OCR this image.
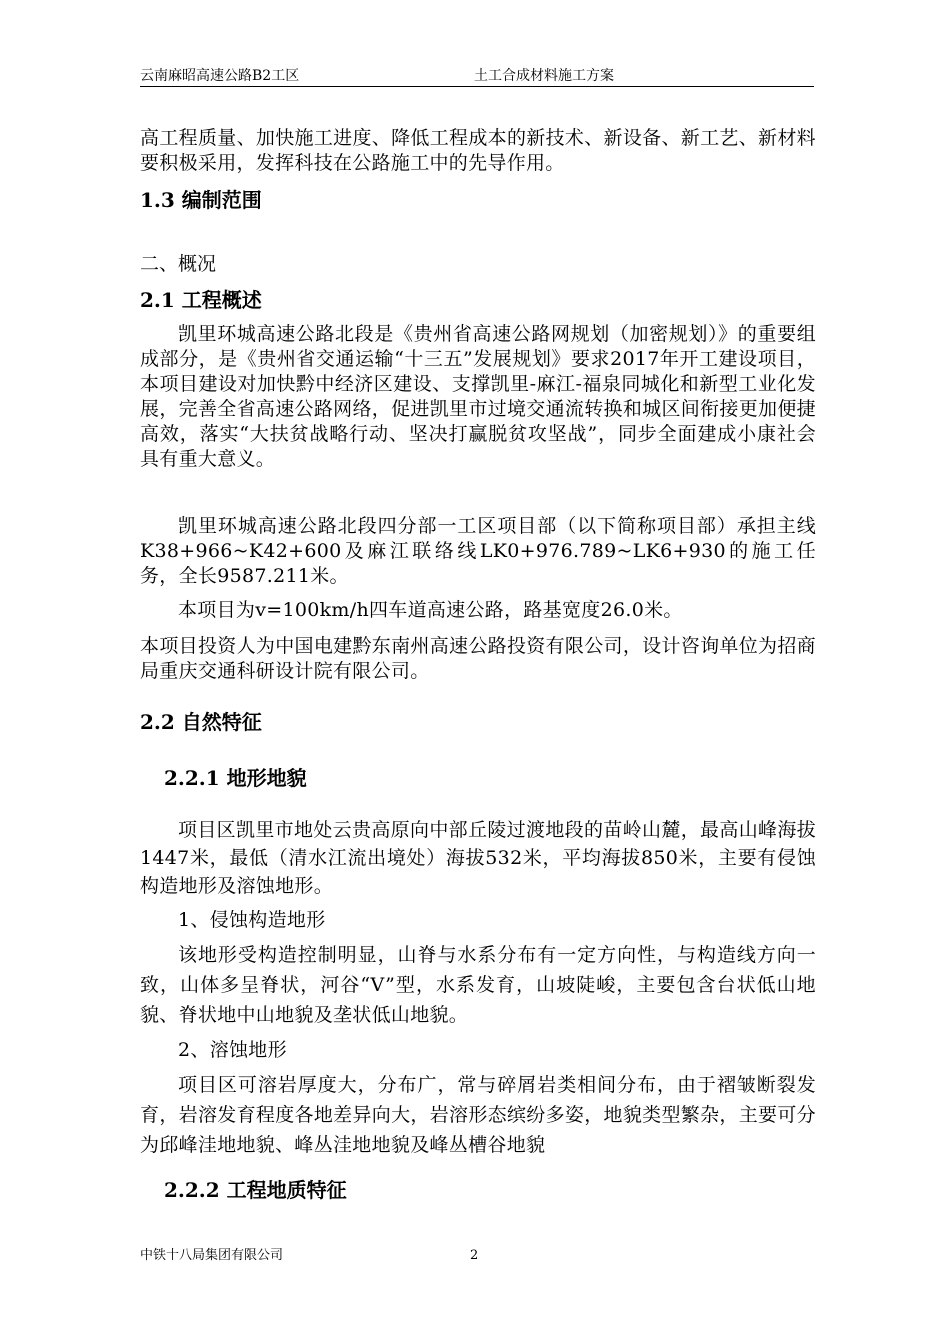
云南麻昭高速公路B2工区	土工合成材料施工方案

高工程质量、加快施工进度、降低工程成本的新技术、新设备、新工艺、新材料要积极采用，发挥科技在公路施工中的先导作用。

1.3 编制范围

二、概况

2.1 工程概述

凯里环城高速公路北段是《贵州省高速公路网规划（加密规划）》的重要组成部分，是《贵州省交通运输“十三五”发展规划》要求2017年开工建设项目，本项目建设对加快黔中经济区建设、支撑凯里-麻江-福泉同城化和新型工业化发展，完善全省高速公路网络，促进凯里市过境交通流转换和城区间衔接更加便捷高效，落实“大扶贫战略行动、坚决打赢脱贫攻坚战”，同步全面建成小康社会具有重大意义。

凯里环城高速公路北段四分部一工区项目部（以下简称项目部）承担主线K38+966~K42+600及麻江联络线LK0+976.789~LK6+930的施工任务，全长9587.211米。

本项目为v=100km/h四车道高速公路，路基宽度26.0米。

本项目投资人为中国电建黔东南州高速公路投资有限公司，设计咨询单位为招商局重庆交通科研设计院有限公司。

2.2 自然特征

2.2.1 地形地貌

项目区凯里市地处云贵高原向中部丘陵过渡地段的苗岭山麓，最高山峰海拔1447米，最低（清水江流出境处）海拔532米，平均海拔850米，主要有侵蚀构造地形及溶蚀地形。

1、侵蚀构造地形

该地形受构造控制明显，山脊与水系分布有一定方向性，与构造线方向一致，山体多呈脊状，河谷“V”型，水系发育，山坡陡峻，主要包含台状低山地貌、脊状地中山地貌及垄状低山地貌。

2、溶蚀地形

项目区可溶岩厚度大，分布广，常与碎屑岩类相间分布，由于褶皱断裂发育，岩溶发育程度各地差异向大，岩溶形态缤纷多姿，地貌类型繁杂，主要可分为邱峰洼地地貌、峰丛洼地地貌及峰丛槽谷地貌

2.2.2 工程地质特征

中铁十八局集团有限公司	2
